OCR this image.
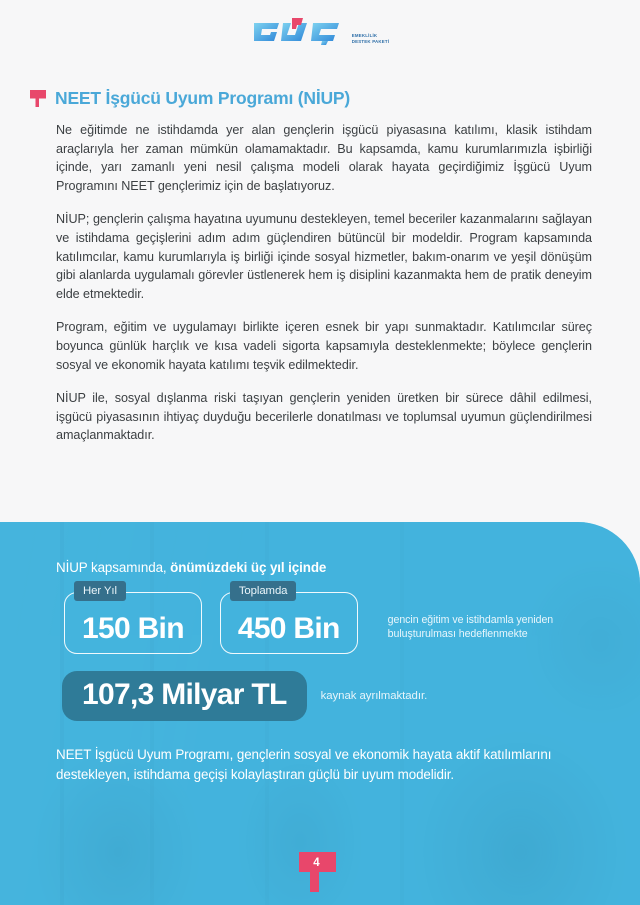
EMEKLİLİK
DESTEK PAKETİ
NEET İşgücü Uyum Programı (NİUP)

Ne eğitimde ne istihdamda yer alan gençlerin işgücü piyasasına katılımı, klasik istihdam araçlarıyla her zaman mümkün olamamaktadır. Bu kapsamda, kamu kurumlarımızla işbirliği içinde, yarı zamanlı yeni nesil çalışma modeli olarak hayata geçirdiğimiz İşgücü Uyum Programını NEET gençlerimiz için de başlatıyoruz.

NİUP; gençlerin çalışma hayatına uyumunu destekleyen, temel beceriler kazanmalarını sağlayan ve istihdama geçişlerini adım adım güçlendiren bütüncül bir modeldir. Program kapsamında katılımcılar, kamu kurumlarıyla iş birliği içinde sosyal hizmetler, bakım-onarım ve yeşil dönüşüm gibi alanlarda uygulamalı görevler üstlenerek hem iş disiplini kazanmakta hem de pratik deneyim elde etmektedir.

Program, eğitim ve uygulamayı birlikte içeren esnek bir yapı sunmaktadır. Katılımcılar süreç boyunca günlük harçlık ve kısa vadeli sigorta kapsamıyla desteklenmekte; böylece gençlerin sosyal ve ekonomik hayata katılımı teşvik edilmektedir.

NİUP ile, sosyal dışlanma riski taşıyan gençlerin yeniden üretken bir sürece dâhil edilmesi, işgücü piyasasının ihtiyaç duyduğu becerilerle donatılması ve toplumsal uyumun güçlendirilmesi amaçlanmaktadır.

NİUP kapsamında, önümüzdeki üç yıl içinde
Her Yıl
150 Bin
Toplamda
450 Bin	gencin eğitim ve istihdamla yeniden buluşturulması hedeflenmekte
107,3 Milyar TL	kaynak ayrılmaktadır.
NEET İşgücü Uyum Programı, gençlerin sosyal ve ekonomik hayata aktif katılımlarını destekleyen, istihdama geçişi kolaylaştıran güçlü bir uyum modelidir.
4
